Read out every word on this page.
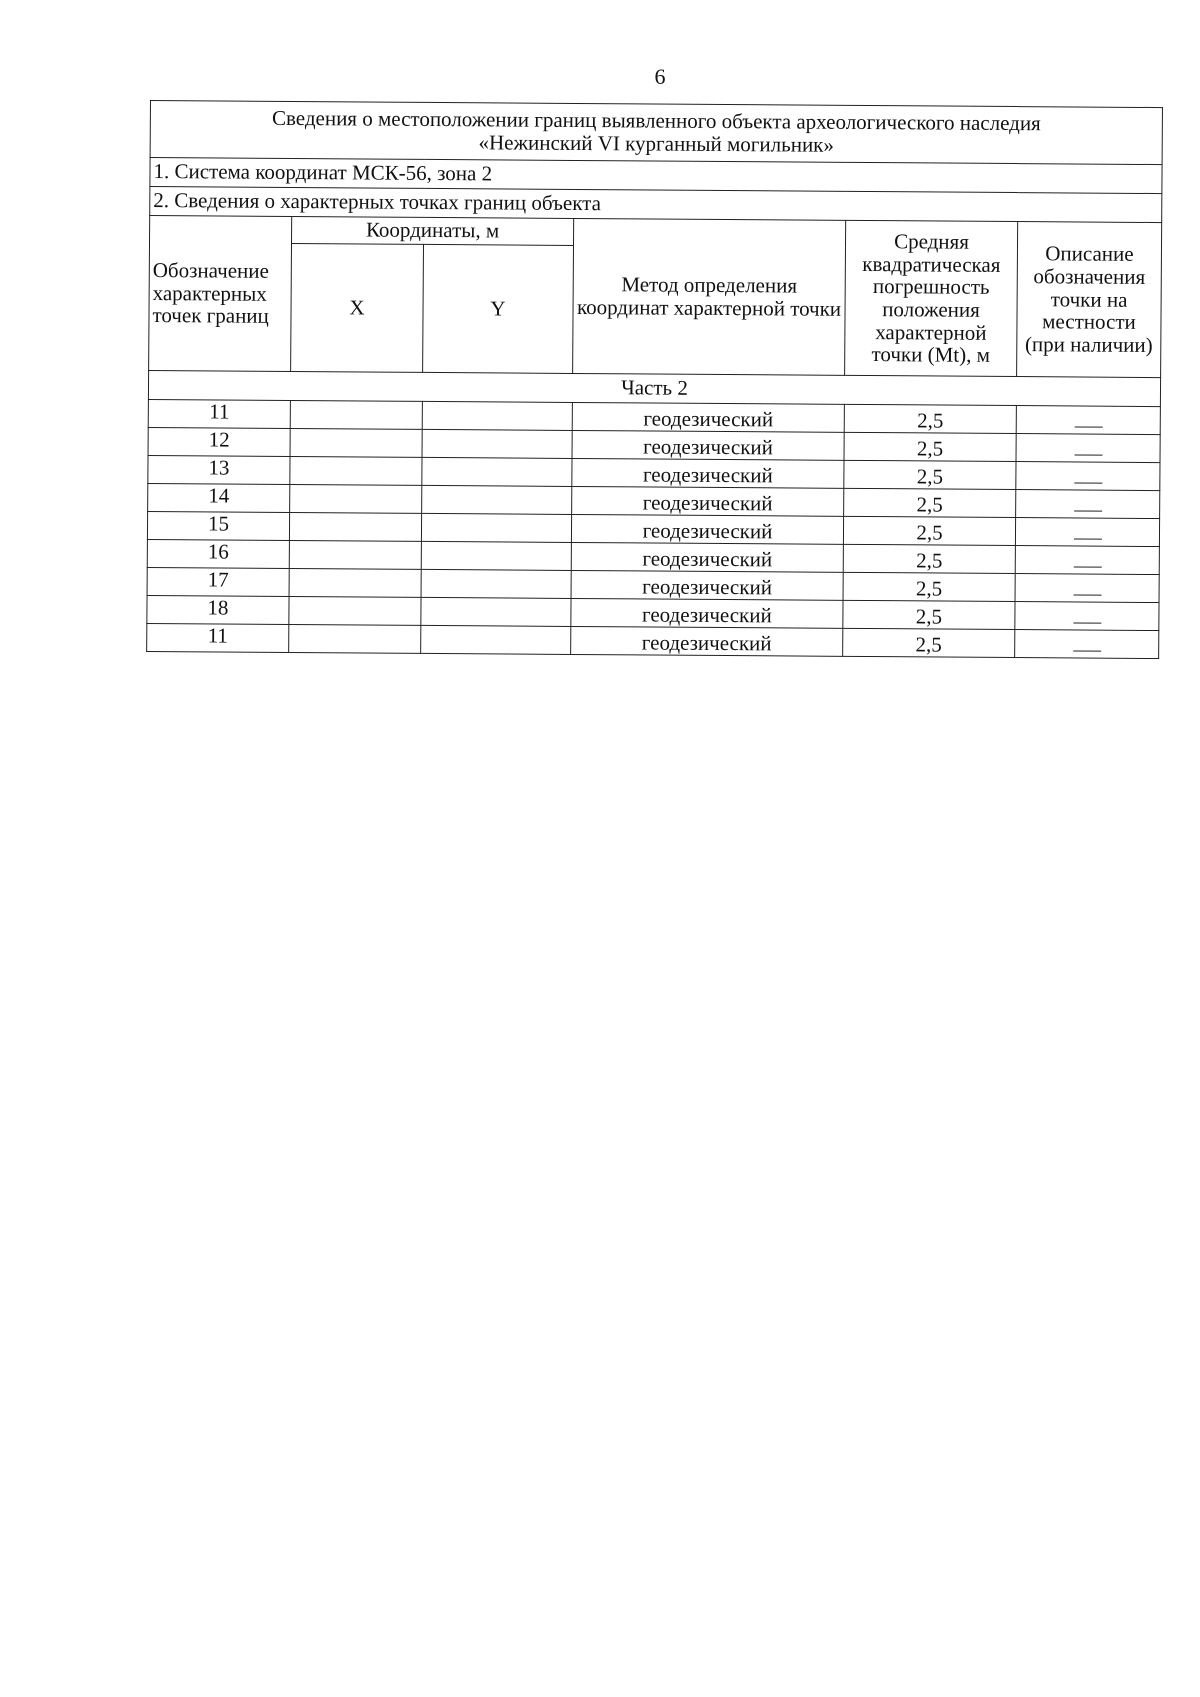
6
Сведения о местоположении границ выявленного объекта археологического наследия
«Нежинский VI курганный могильник»					

1. Система координат МСК-56, зона 2					
2. Сведения о характерных точках границ объекта					
Обозначение характерных точек границ	Координаты, м		Метод определения координат характерной точки	Средняя квадратическая погрешность положения характерной точки (Mt), м	Описание обозначения точки на местности (при наличии)
	X	Y			
Часть 2					
11			геодезический	2,5	

12			геодезический	2,5	

13			геодезический	2,5	

14			геодезический	2,5	

15			геодезический	2,5	

16			геодезический	2,5	

17			геодезический	2,5	

18			геодезический	2,5	

11			геодезический	2,5	
